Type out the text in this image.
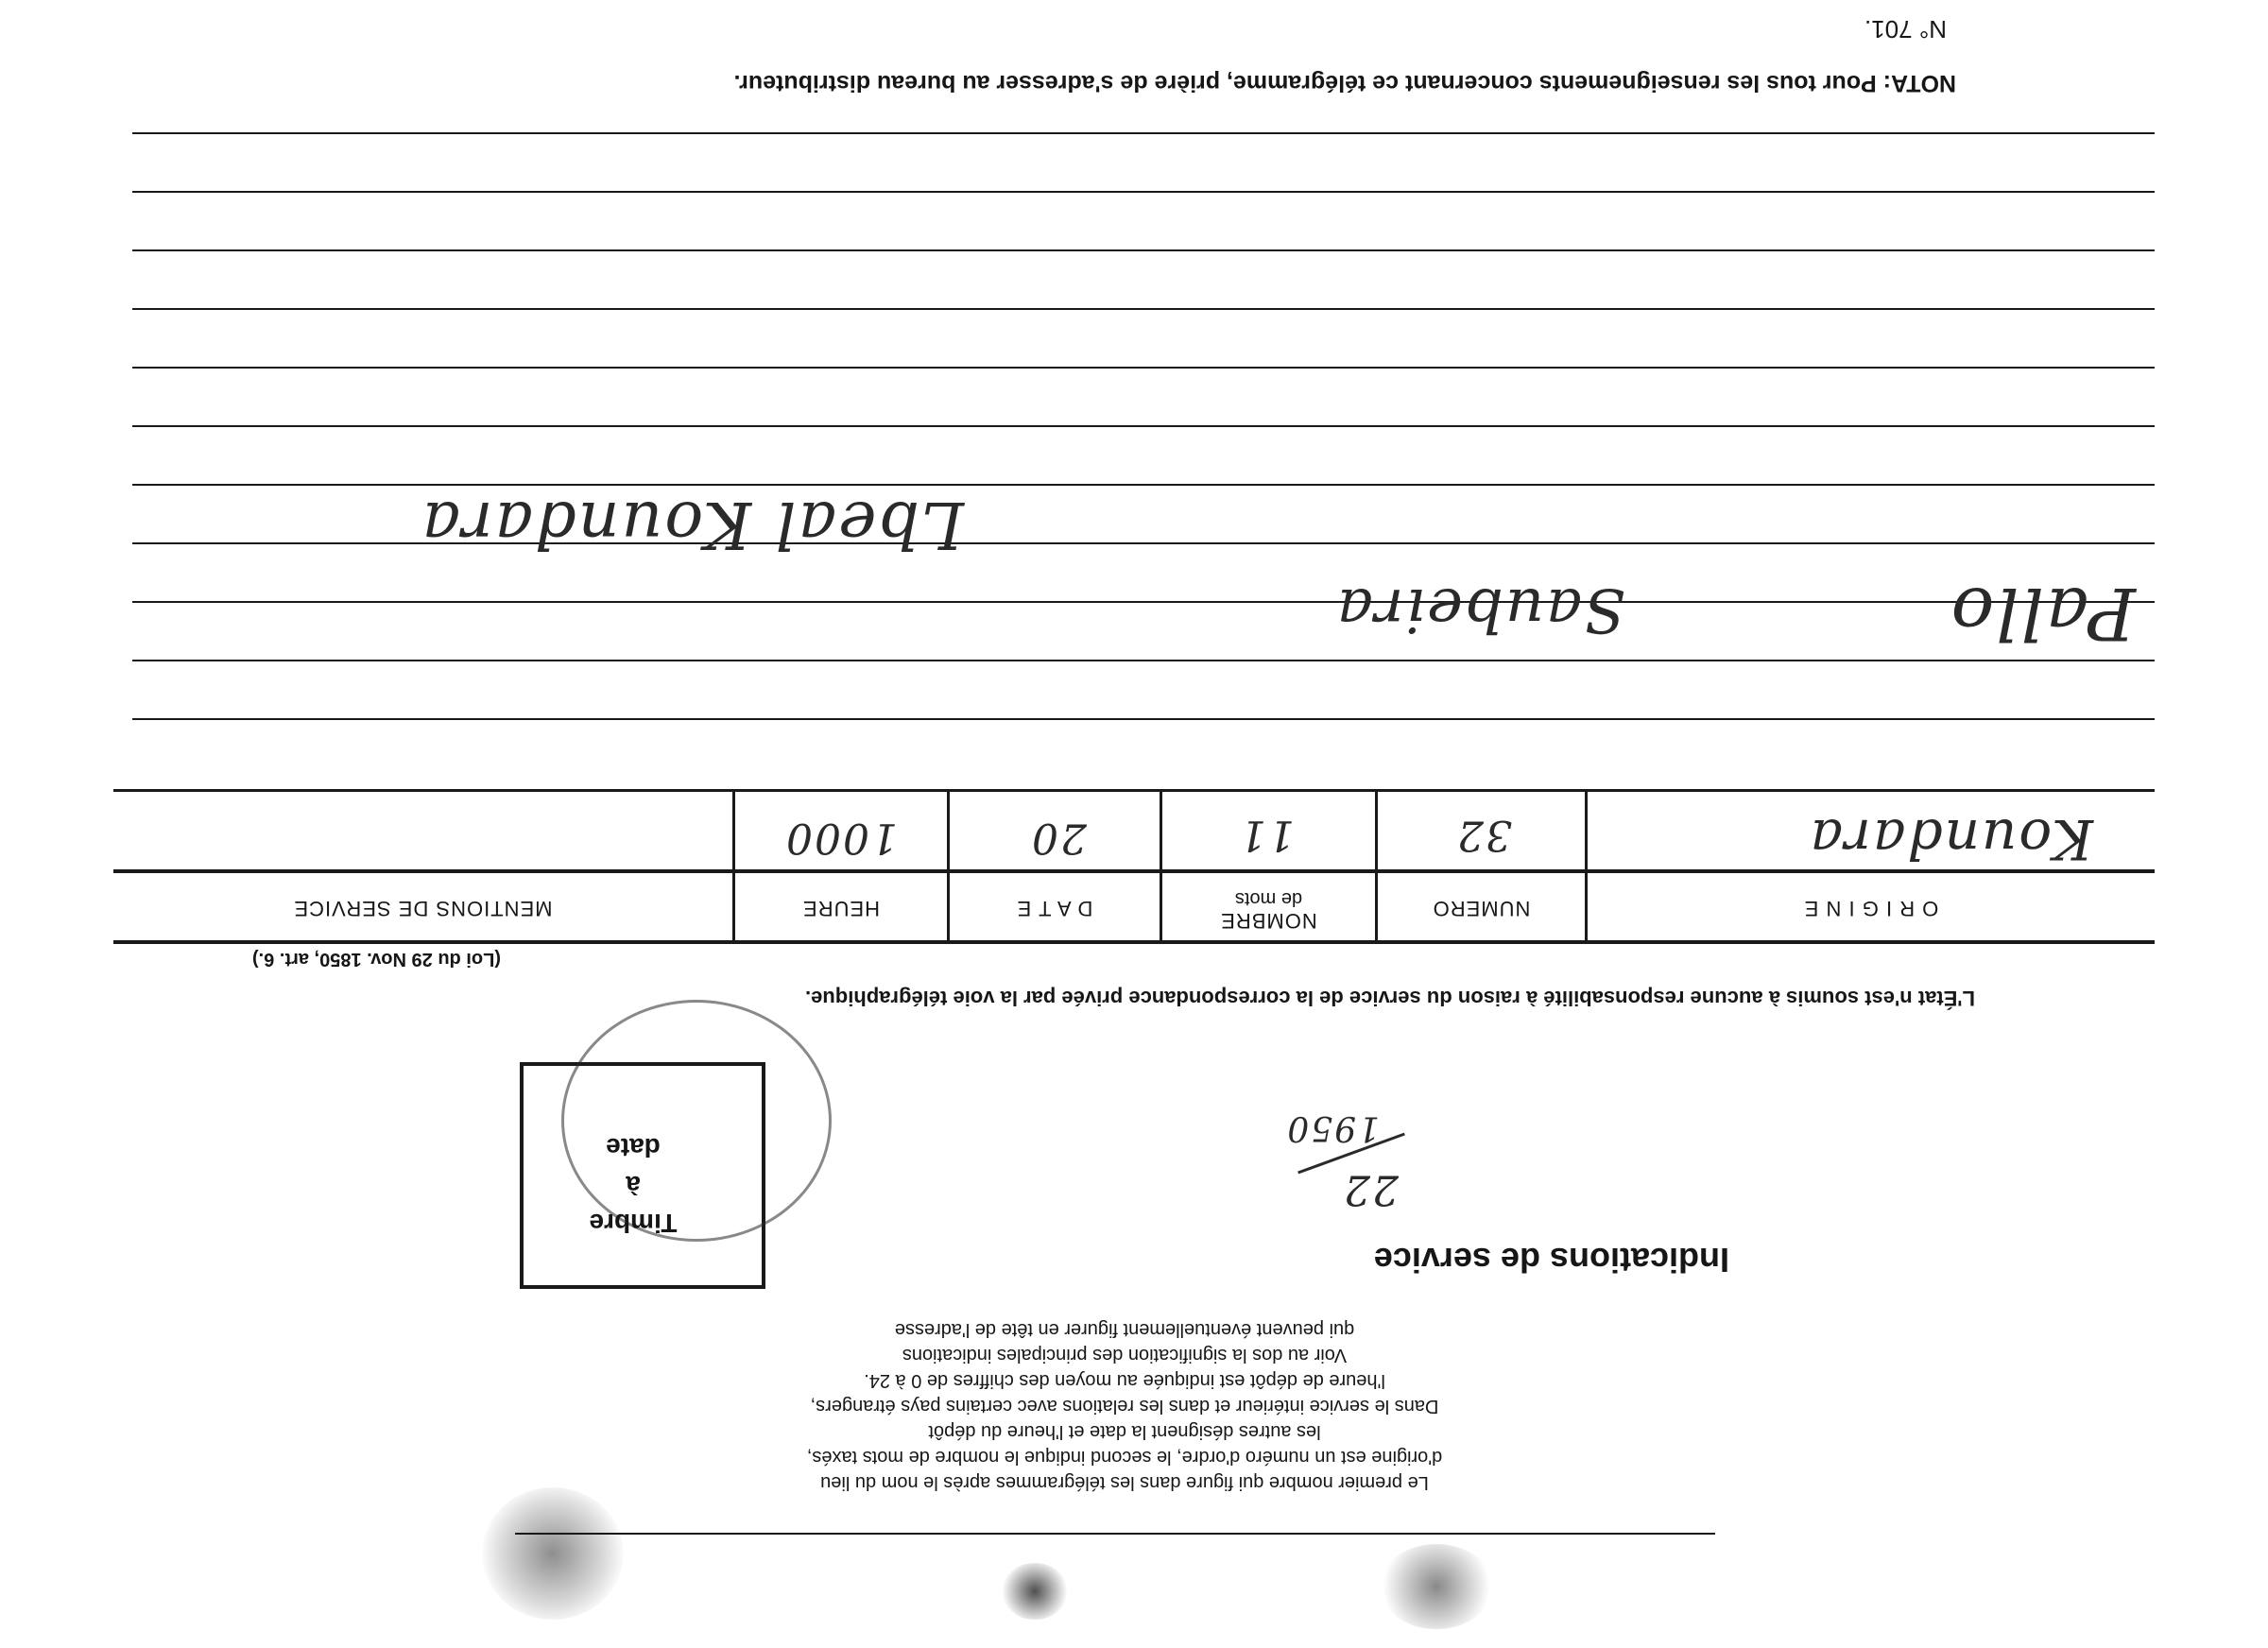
Le premier nombre qui figure dans les télégrammes après le nom du lieu
d'origine est un numéro d'ordre, le second indique le nombre de mots taxés,
les autres désignent la date et l'heure du dépôt
Dans le service intérieur et dans les relations avec certains pays étrangers,
l'heure de dépôt est indiquée au moyen des chiffres de 0 à 24.
Voir au dos la signification des principales indications
qui peuvent éventuellement figurer en tête de l'adresse
Indications de service
22
1950
Timbre
à
date
L'État n'est soumis à aucune responsabilité à raison du service de la correspondance privée par la voie télégraphique.
(Loi du 29 Nov. 1850, art. 6.)
O R I G I N E
NUMERO
NOMBRE
de mots
D A T E
HEURE
MENTIONS DE SERVICE
Koundara
32
11
20
1000
Pallo
Saubeira
Lbeal Koundara
NOTA: Pour tous les renseignements concernant ce télégramme, prière de s'adresser au bureau distributeur.
N° 701.
